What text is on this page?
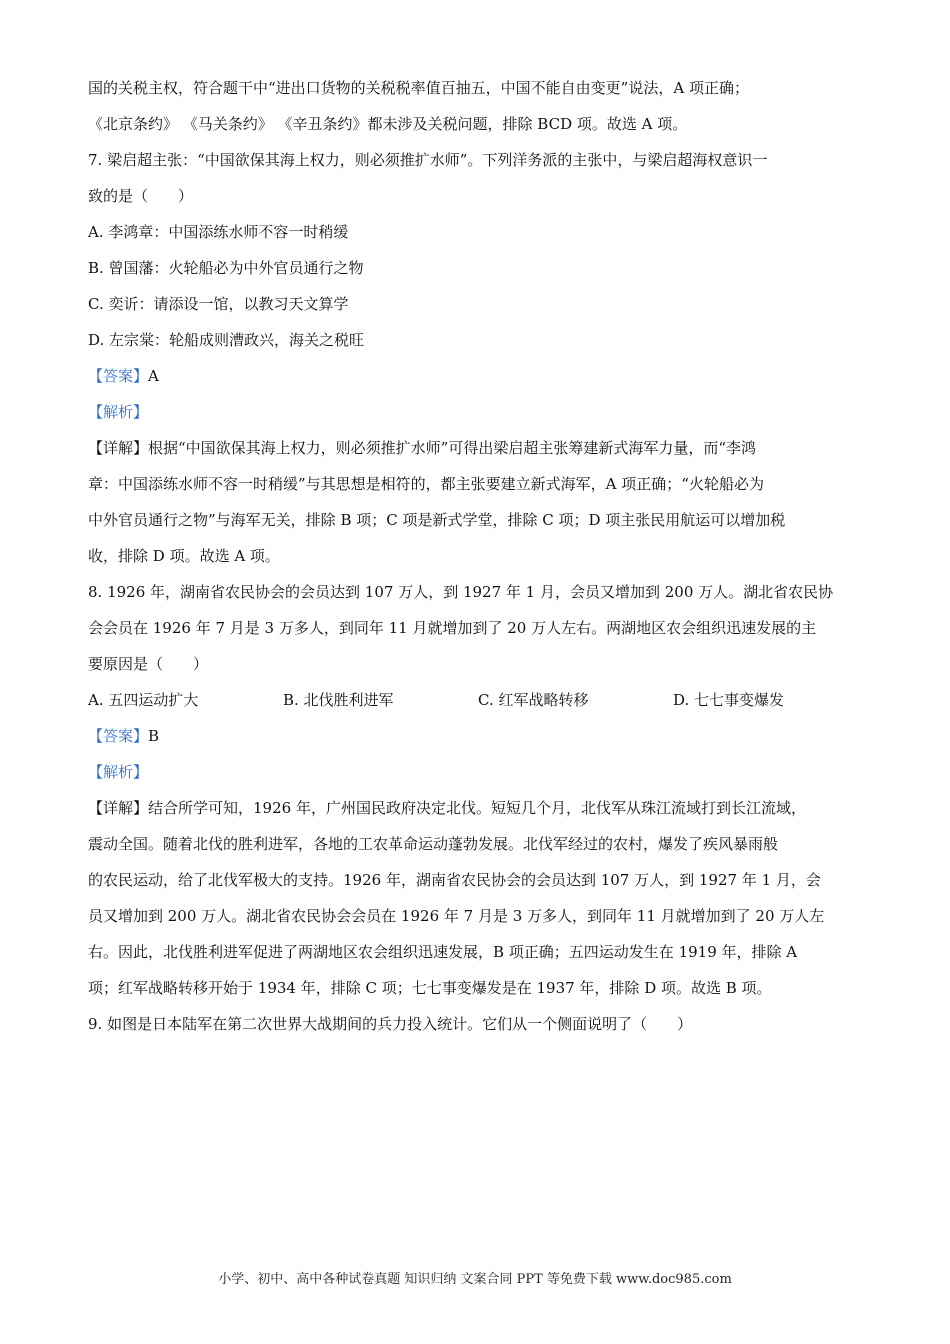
国的关税主权，符合题干中“进出口货物的关税税率值百抽五，中国不能自由变更”说法，A 项正确；
《北京条约》 《马关条约》 《辛丑条约》都未涉及关税问题，排除 BCD 项。故选 A 项。
7. 梁启超主张：“中国欲保其海上权力，则必须推扩水师”。下列洋务派的主张中，与梁启超海权意识一
致的是（　　）
A. 李鸿章：中国添练水师不容一时稍缓
B. 曾国藩：火轮船必为中外官员通行之物
C. 奕䜣：请添设一馆，以教习天文算学
D. 左宗棠：轮船成则漕政兴，海关之税旺
【答案】A
【解析】
【详解】根据“中国欲保其海上权力，则必须推扩水师”可得出梁启超主张筹建新式海军力量，而“李鸿
章：中国添练水师不容一时稍缓”与其思想是相符的，都主张要建立新式海军，A 项正确；“火轮船必为
中外官员通行之物”与海军无关，排除 B 项；C 项是新式学堂，排除 C 项；D 项主张民用航运可以增加税
收，排除 D 项。故选 A 项。
8. 1926 年，湖南省农民协会的会员达到 107 万人，到 1927 年 1 月，会员又增加到 200 万人。湖北省农民协
会会员在 1926 年 7 月是 3 万多人，到同年 11 月就增加到了 20 万人左右。两湖地区农会组织迅速发展的主
要原因是（　　）
A. 五四运动扩大	B. 北伐胜利进军	C. 红军战略转移	D. 七七事变爆发
【答案】B
【解析】
【详解】结合所学可知，1926 年，广州国民政府决定北伐。短短几个月，北伐军从珠江流域打到长江流域，
震动全国。随着北伐的胜利进军，各地的工农革命运动蓬勃发展。北伐军经过的农村，爆发了疾风暴雨般
的农民运动，给了北伐军极大的支持。1926 年，湖南省农民协会的会员达到 107 万人，到 1927 年 1 月，会
员又增加到 200 万人。湖北省农民协会会员在 1926 年 7 月是 3 万多人，到同年 11 月就增加到了 20 万人左
右。因此，北伐胜利进军促进了两湖地区农会组织迅速发展，B 项正确；五四运动发生在 1919 年，排除 A
项；红军战略转移开始于 1934 年，排除 C 项；七七事变爆发是在 1937 年，排除 D 项。故选 B 项。
9. 如图是日本陆军在第二次世界大战期间的兵力投入统计。它们从一个侧面说明了（　　）
小学、初中、高中各种试卷真题 知识归纳 文案合同 PPT 等免费下载 www.doc985.com
